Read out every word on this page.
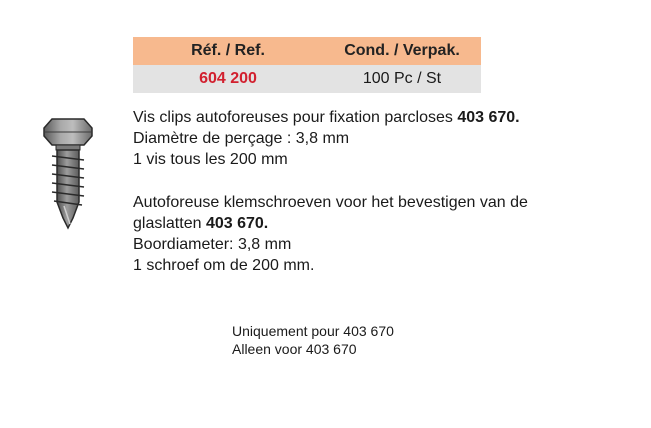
Réf. / Ref.	Cond. / Verpak.
604 200	100 Pc / St
Vis clips autoforeuses pour fixation parcloses 403 670.
Diamètre de perçage : 3,8 mm
1 vis tous les 200 mm
Autoforeuse klemschroeven voor het bevestigen van de
glaslatten 403 670.
Boordiameter: 3,8 mm
1 schroef om de 200 mm.
Uniquement pour 403 670
Alleen voor 403 670
